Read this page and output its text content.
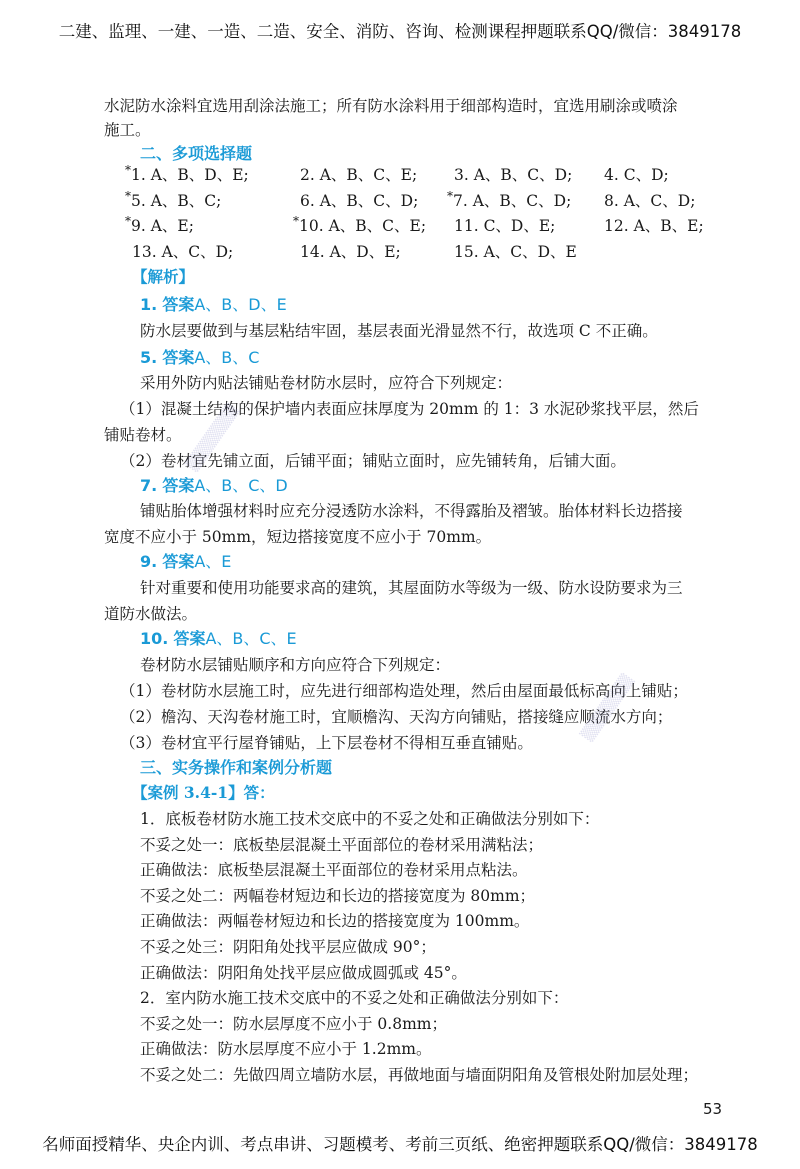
二建、监理、一建、一造、二造、安全、消防、咨询、检测课程押题联系QQ/微信：3849178
水泥防水涂料宜选用刮涂法施工；所有防水涂料用于细部构造时，宜选用刷涂或喷涂
施工。
二、多项选择题
*1. A、B、D、E;	2. A、B、C、E; 3. A、B、C、D; 4. C、D;
*5. A、B、C;	6. A、B、C、D; *7. A、B、C、D; 8. A、C、D;
*9. A、E;	*10. A、B、C、E; 11. C、D、E;	12. A、B、E;
13. A、C、D;	14. A、D、E;	15. A、C、D、E
【解析】
1. 答案A、B、D、E
防水层要做到与基层粘结牢固，基层表面光滑显然不行，故选项 C 不正确。
5. 答案A、B、C
采用外防内贴法铺贴卷材防水层时，应符合下列规定：
（1）混凝土结构的保护墙内表面应抹厚度为 20mm 的 1：3 水泥砂浆找平层，然后
铺贴卷材。
（2）卷材宜先铺立面，后铺平面；铺贴立面时，应先铺转角，后铺大面。
7. 答案A、B、C、D
铺贴胎体增强材料时应充分浸透防水涂料，不得露胎及褶皱。胎体材料长边搭接
宽度不应小于 50mm，短边搭接宽度不应小于 70mm。
9. 答案A、E
针对重要和使用功能要求高的建筑，其屋面防水等级为一级、防水设防要求为三
道防水做法。
10. 答案A、B、C、E
卷材防水层铺贴顺序和方向应符合下列规定：
（1）卷材防水层施工时，应先进行细部构造处理，然后由屋面最低标高向上铺贴；
（2）檐沟、天沟卷材施工时，宜顺檐沟、天沟方向铺贴，搭接缝应顺流水方向；
（3）卷材宜平行屋脊铺贴，上下层卷材不得相互垂直铺贴。
三、实务操作和案例分析题
【案例 3.4-1】答：
1．底板卷材防水施工技术交底中的不妥之处和正确做法分别如下：
不妥之处一：底板垫层混凝土平面部位的卷材采用满粘法；
正确做法：底板垫层混凝土平面部位的卷材采用点粘法。
不妥之处二：两幅卷材短边和长边的搭接宽度为 80mm；
正确做法：两幅卷材短边和长边的搭接宽度为 100mm。
不妥之处三：阴阳角处找平层应做成 90°；
正确做法：阴阳角处找平层应做成圆弧或 45°。
2．室内防水施工技术交底中的不妥之处和正确做法分别如下：
不妥之处一：防水层厚度不应小于 0.8mm；
正确做法：防水层厚度不应小于 1.2mm。
不妥之处二：先做四周立墙防水层，再做地面与墙面阴阳角及管根处附加层处理；
53
名师面授精华、央企内训、考点串讲、习题模考、考前三页纸、绝密押题联系QQ/微信：3849178
▒▒▒▒▒▒▒
▒▒▒▒▒▒▒
